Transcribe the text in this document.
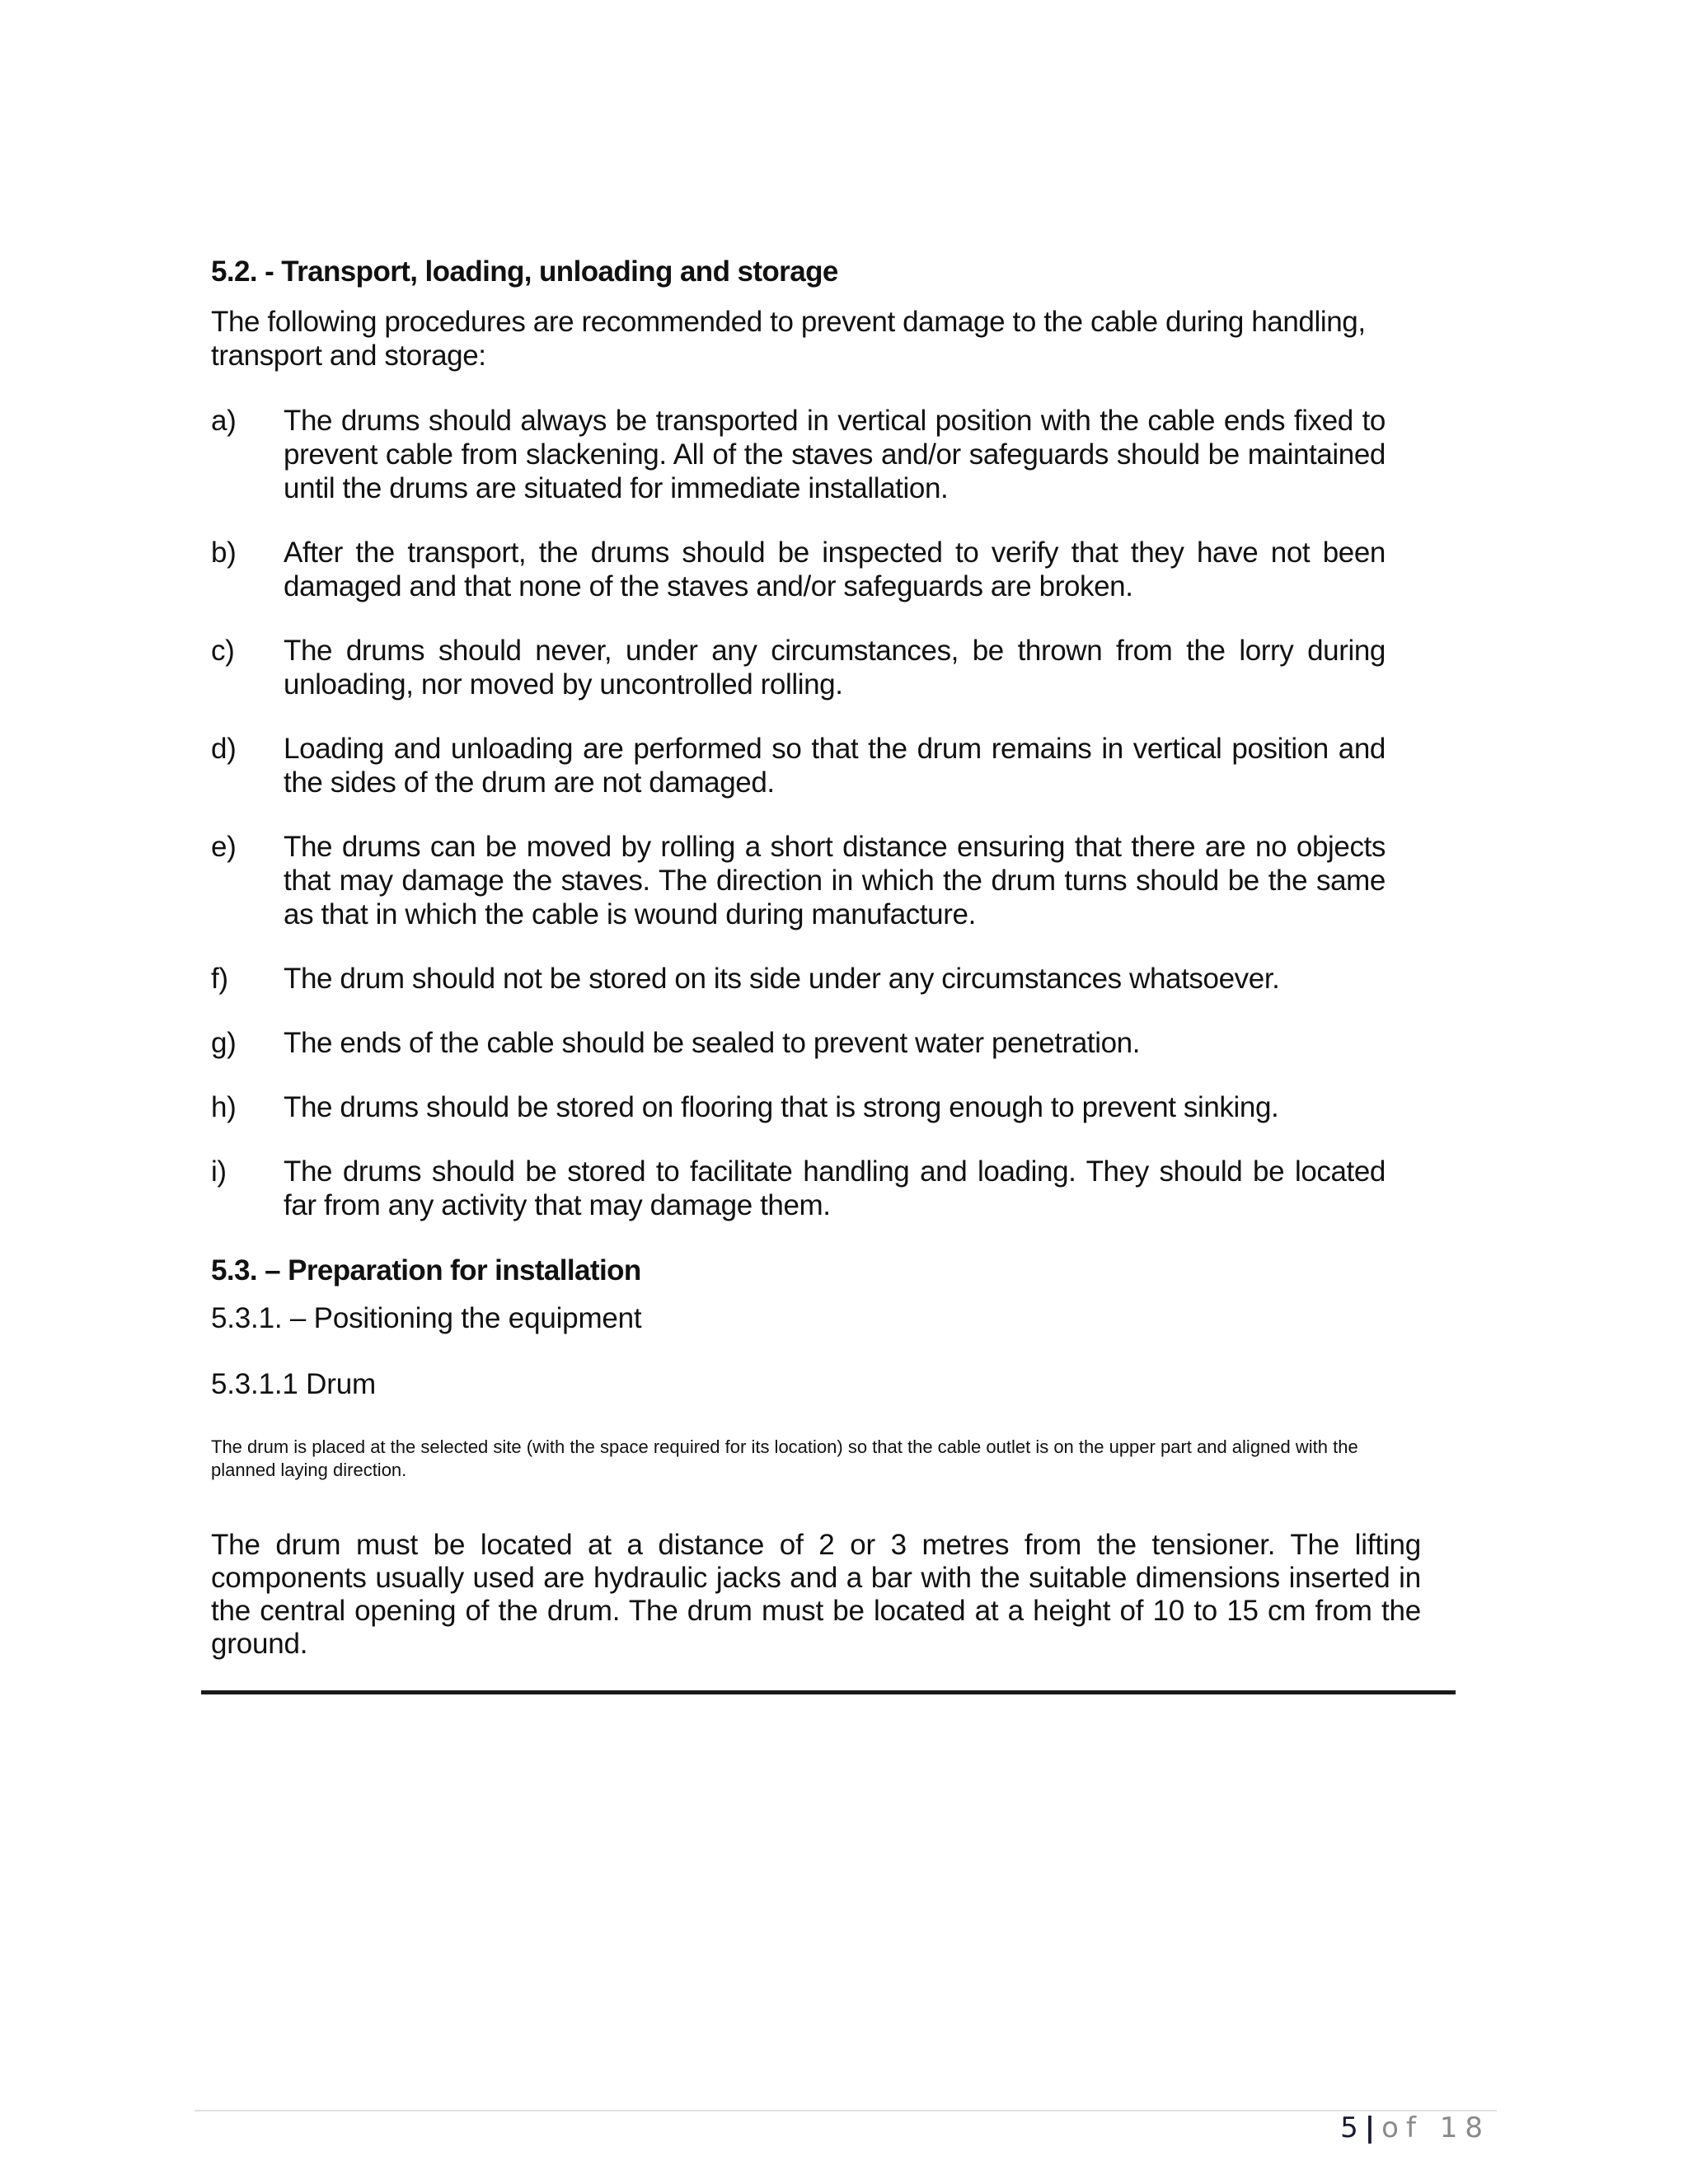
5.2. - Transport, loading, unloading and storage

The following procedures are recommended to prevent damage to the cable during handling, transport and storage:

a)	The drums should always be transported in vertical position with the cable ends fixed to prevent cable from slackening. All of the staves and/or safeguards should be maintained until the drums are situated for immediate installation.
b)	After the transport, the drums should be inspected to verify that they have not been damaged and that none of the staves and/or safeguards are broken.
c)	The drums should never, under any circumstances, be thrown from the lorry during unloading, nor moved by uncontrolled rolling.
d)	Loading and unloading are performed so that the drum remains in vertical position and the sides of the drum are not damaged.
e)	The drums can be moved by rolling a short distance ensuring that there are no objects that may damage the staves. The direction in which the drum turns should be the same as that in which the cable is wound during manufacture.
f)	The drum should not be stored on its side under any circumstances whatsoever.
g)	The ends of the cable should be sealed to prevent water penetration.
h)	The drums should be stored on flooring that is strong enough to prevent sinking.
i)	The drums should be stored to facilitate handling and loading. They should be located far from any activity that may damage them.
5.3. – Preparation for installation
5.3.1. – Positioning the equipment
5.3.1.1 Drum

The drum is placed at the selected site (with the space required for its location) so that the cable outlet is on the upper part and aligned with the planned laying direction.

The drum must be located at a distance of 2 or 3 metres from the tensioner. The lifting components usually used are hydraulic jacks and a bar with the suitable dimensions inserted in the central opening of the drum. The drum must be located at a height of 10 to 15 cm from the ground.

5 | of 18
